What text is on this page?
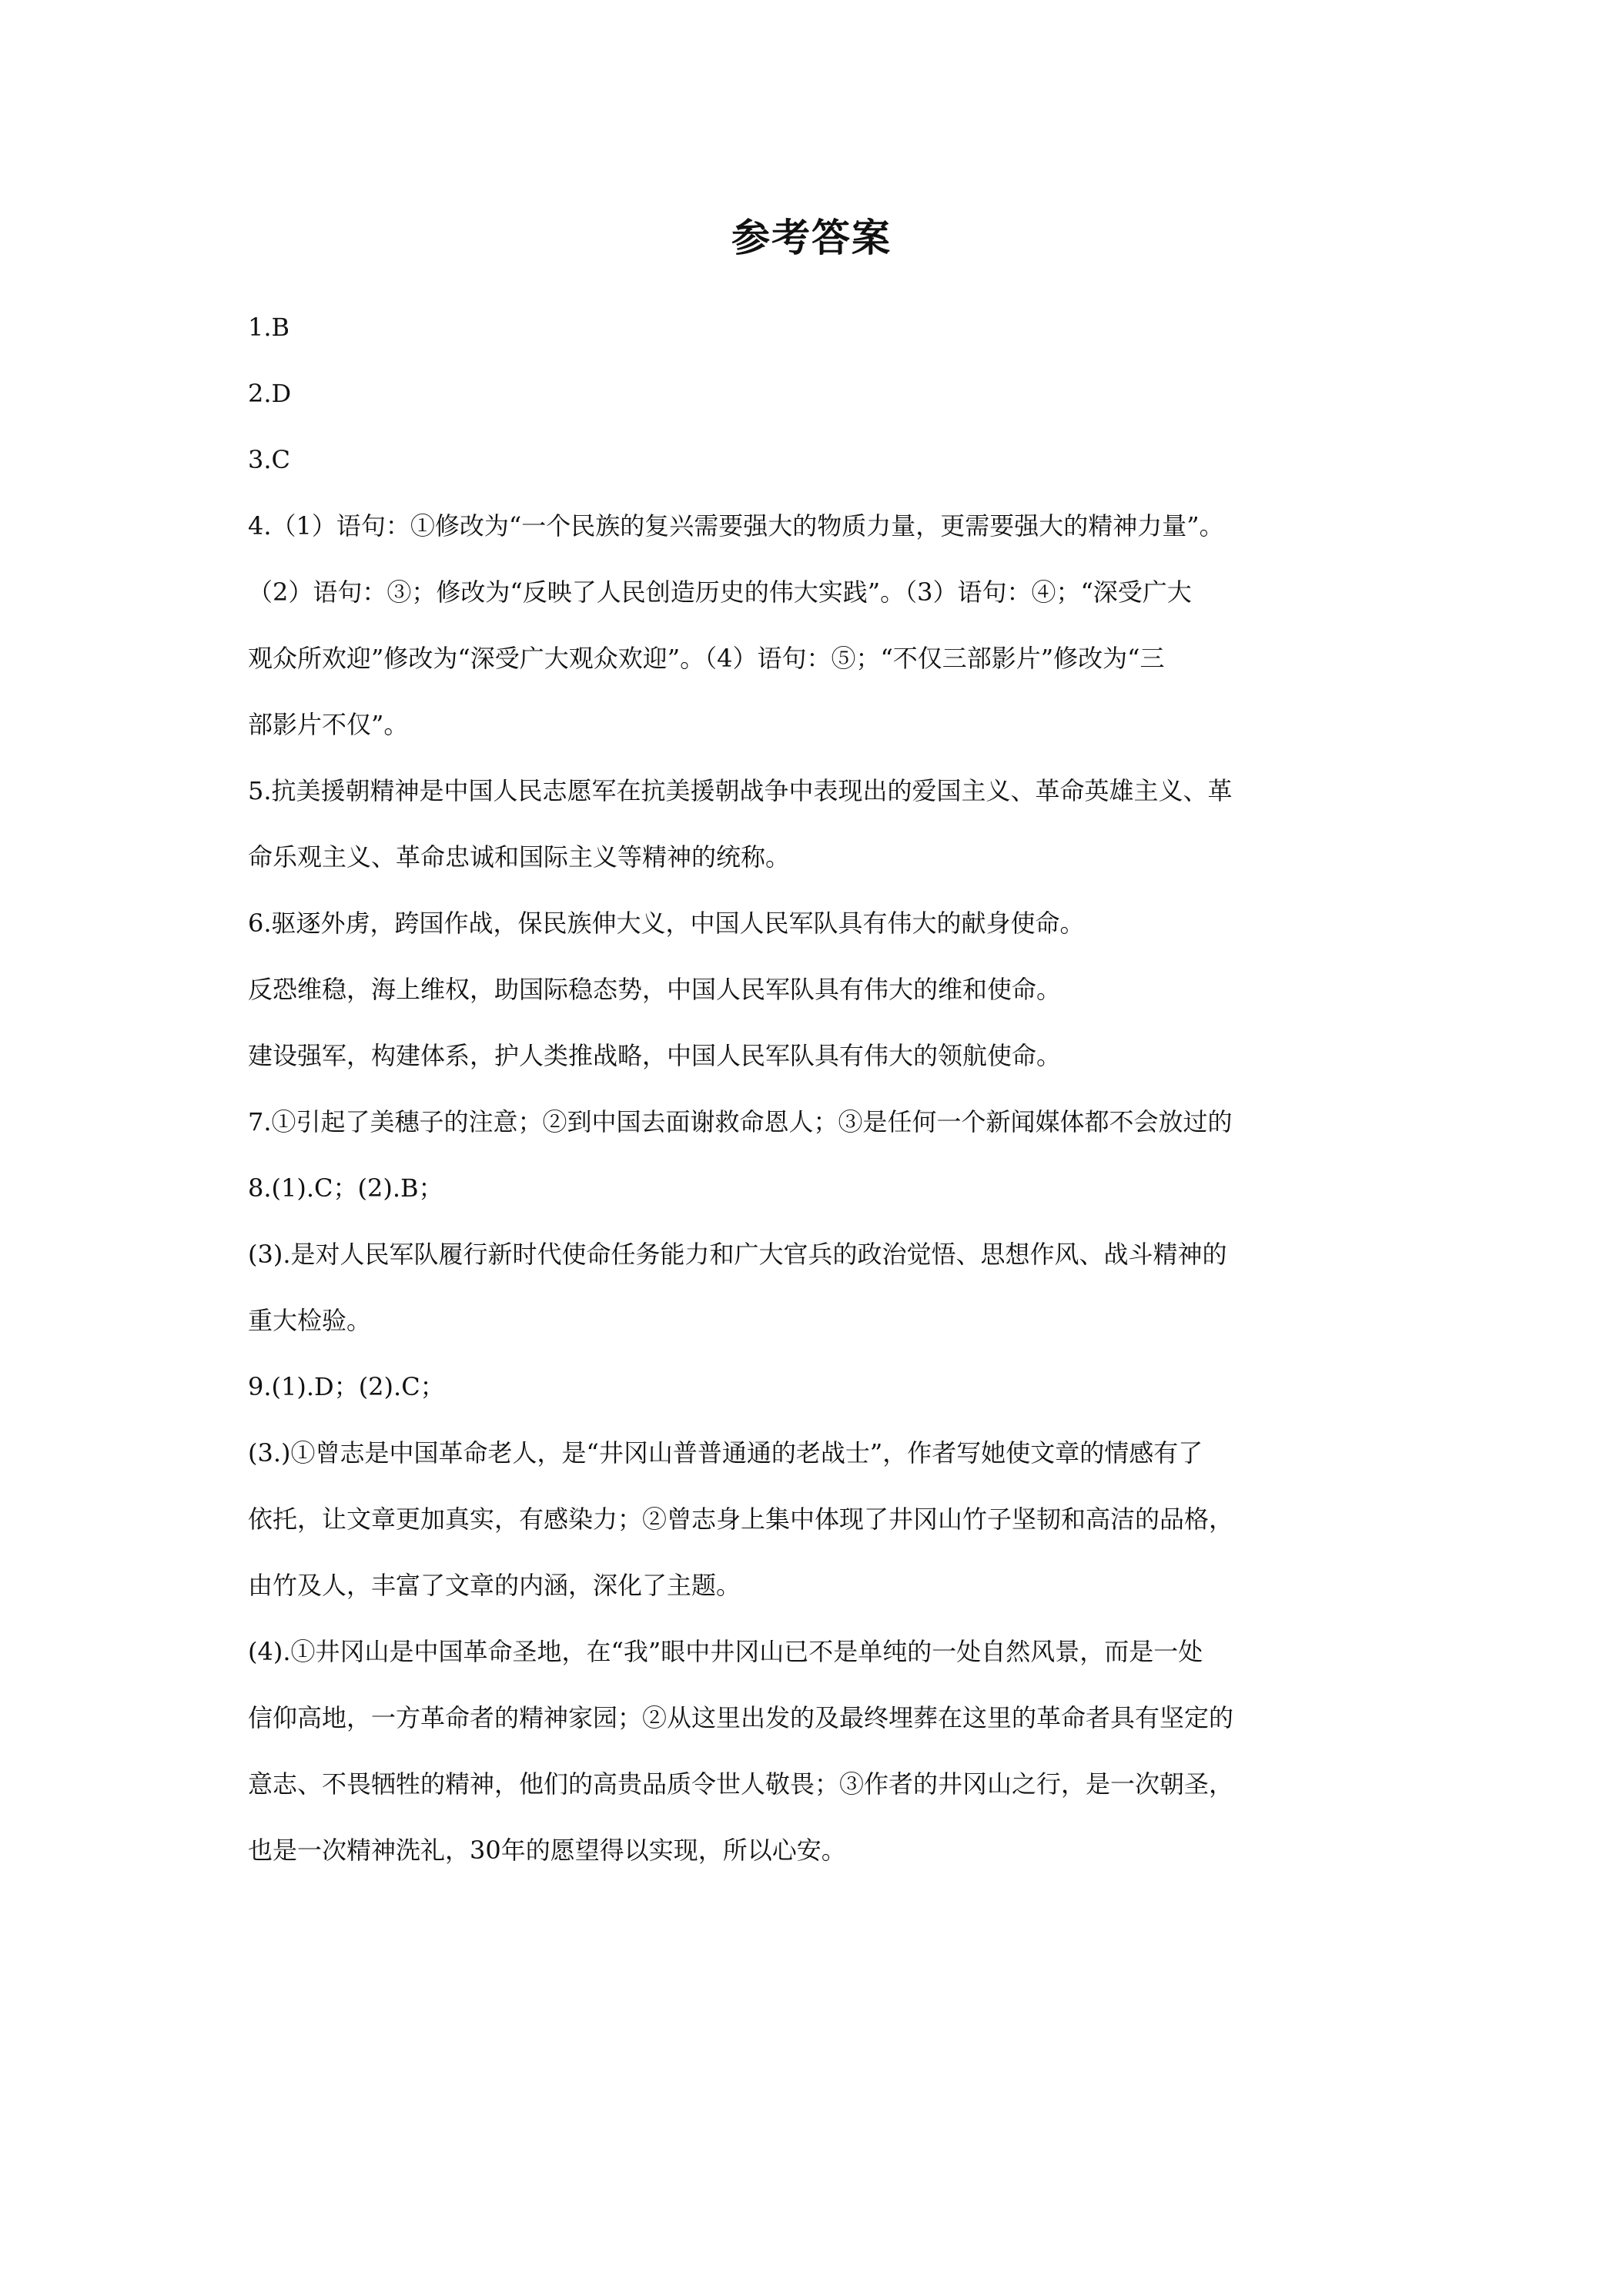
参考答案
1.B
2.D
3.C
4.（1）语句：①修改为“一个民族的复兴需要强大的物质力量，更需要强大的精神力量”。
（2）语句：③；修改为“反映了人民创造历史的伟大实践”。（3）语句：④；“深受广大
观众所欢迎”修改为“深受广大观众欢迎”。（4）语句：⑤；“不仅三部影片”修改为“三
部影片不仅”。
5.抗美援朝精神是中国人民志愿军在抗美援朝战争中表现出的爱国主义、革命英雄主义、革
命乐观主义、革命忠诚和国际主义等精神的统称。
6.驱逐外虏，跨国作战，保民族伸大义，中国人民军队具有伟大的献身使命。
反恐维稳，海上维权，助国际稳态势，中国人民军队具有伟大的维和使命。
建设强军，构建体系，护人类推战略，中国人民军队具有伟大的领航使命。
7.①引起了美穗子的注意；②到中国去面谢救命恩人；③是任何一个新闻媒体都不会放过的
8.(1).C；(2).B；
(3).是对人民军队履行新时代使命任务能力和广大官兵的政治觉悟、思想作风、战斗精神的
重大检验。
9.(1).D；(2).C；
(3.)①曾志是中国革命老人，是“井冈山普普通通的老战士”，作者写她使文章的情感有了
依托，让文章更加真实，有感染力；②曾志身上集中体现了井冈山竹子坚韧和高洁的品格，
由竹及人，丰富了文章的内涵，深化了主题。
(4).①井冈山是中国革命圣地，在“我”眼中井冈山已不是单纯的一处自然风景，而是一处
信仰高地，一方革命者的精神家园；②从这里出发的及最终埋葬在这里的革命者具有坚定的
意志、不畏牺牲的精神，他们的高贵品质令世人敬畏；③作者的井冈山之行，是一次朝圣，
也是一次精神洗礼，30年的愿望得以实现，所以心安。
